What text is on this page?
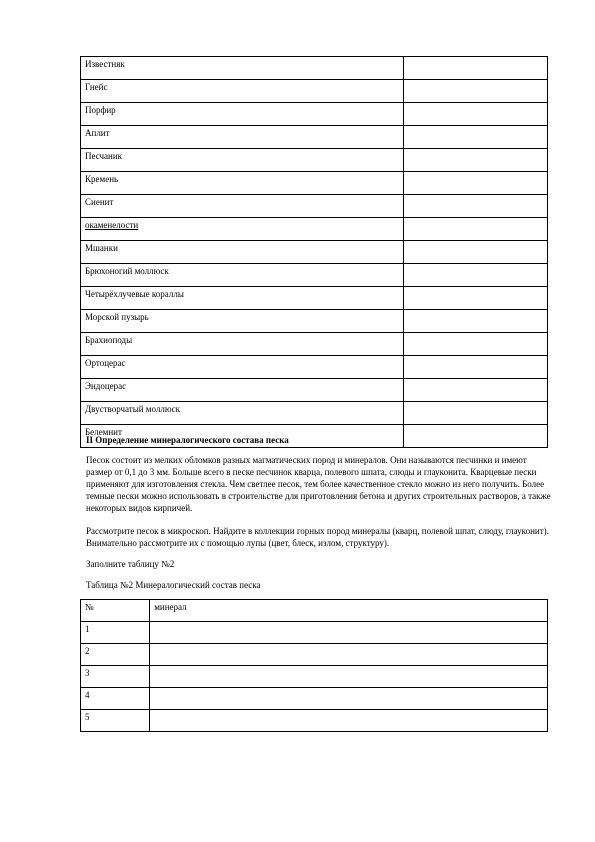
Известняк	
Гнейс	
Порфир	
Аплит	
Песчаник	
Кремень	
Сиенит	
окаменелости	
Мшанки	
Брюхоногий моллюск	
Четырёхлучевые кораллы	
Морской пузырь	
Брахиоподы	
Ортоцерас	
Эндоцерас	
Двустворчатый моллюск	
Белемнит	
II Определение минералогического состава песка
Песок состоит из мелких обломков разных магматических пород и минералов. Они называются песчинки и имеют размер от 0,1 до 3 мм. Больше всего в песке песчинок кварца, полевого шпата, слюды и глауконита. Кварцевые пески применяют для изготовления стекла. Чем светлее песок, тем более качественное стекло можно из него получить. Более темные пески можно использовать в строительстве для приготовления бетона и других строительных растворов, а также некоторых видов кирпичей.
Рассмотрите песок в микроскоп. Найдите в коллекции горных пород минералы (кварц, полевой шпат, слюду, глауконит). Внимательно рассмотрите их с помощью лупы (цвет, блеск, излом, структуру).
Заполните таблицу №2
Таблица №2 Минералогический состав песка
№	минерал
1	
2	
3	
4	
5	
